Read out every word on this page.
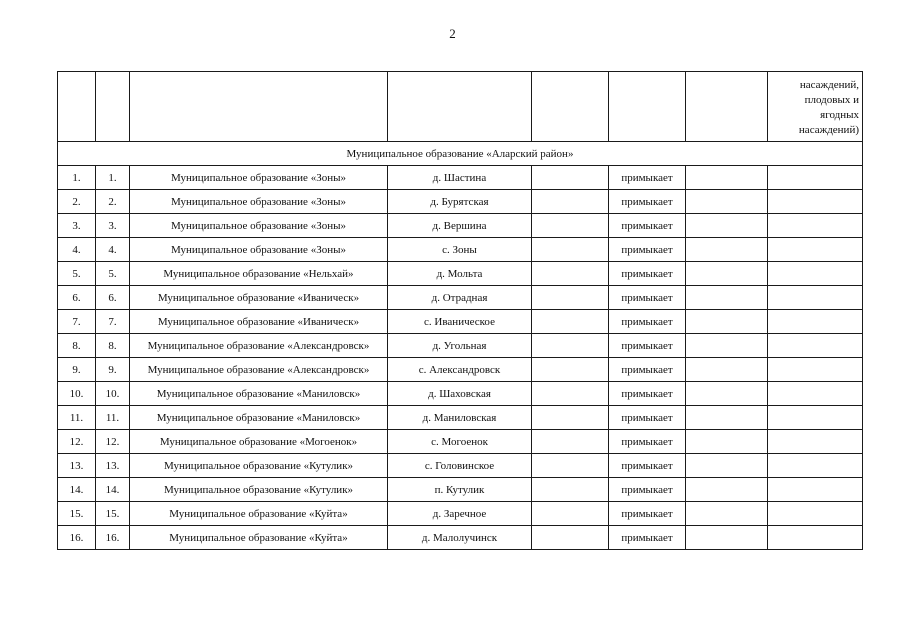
2
							насаждений, плодовых и ягодных насаждений)
Муниципальное образование «Аларский район»							
1.	1.	Муниципальное образование «Зоны»	д. Шастина		примыкает		
2.	2.	Муниципальное образование «Зоны»	д. Бурятская		примыкает		
3.	3.	Муниципальное образование «Зоны»	д. Вершина		примыкает		
4.	4.	Муниципальное образование «Зоны»	с. Зоны		примыкает		
5.	5.	Муниципальное образование «Нельхай»	д. Мольта		примыкает		
6.	6.	Муниципальное образование «Иваническ»	д. Отрадная		примыкает		
7.	7.	Муниципальное образование «Иваническ»	с. Иваническое		примыкает		
8.	8.	Муниципальное образование «Александровск»	д. Угольная		примыкает		
9.	9.	Муниципальное образование «Александровск»	с. Александровск		примыкает		
10.	10.	Муниципальное образование «Маниловск»	д. Шаховская		примыкает		
11.	11.	Муниципальное образование «Маниловск»	д. Маниловская		примыкает		
12.	12.	Муниципальное образование «Могоенок»	с. Могоенок		примыкает		
13.	13.	Муниципальное образование «Кутулик»	с. Головинское		примыкает		
14.	14.	Муниципальное образование «Кутулик»	п. Кутулик		примыкает		
15.	15.	Муниципальное образование «Куйта»	д. Заречное		примыкает		
16.	16.	Муниципальное образование «Куйта»	д. Малолучинск		примыкает		
